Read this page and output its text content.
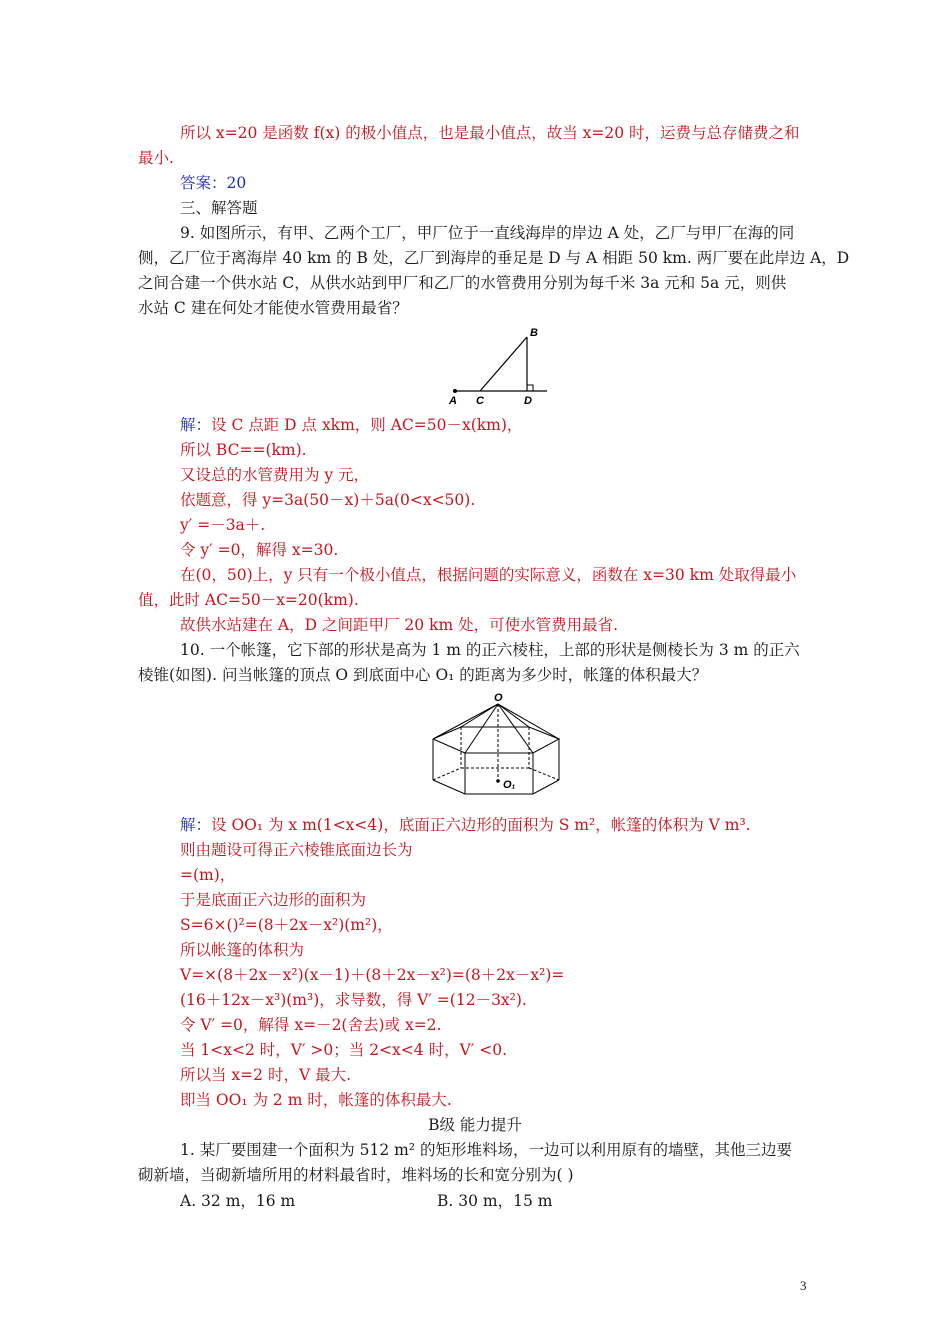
所以 x=20 是函数 f(x) 的极小值点，也是最小值点，故当 x=20 时，运费与总存储费之和
最小.
答案：20
三、解答题
9. 如图所示，有甲、乙两个工厂，甲厂位于一直线海岸的岸边 A 处，乙厂与甲厂在海的同
侧，乙厂位于离海岸 40 km 的 B 处，乙厂到海岸的垂足是 D 与 A 相距 50 km. 两厂要在此岸边 A，D
之间合建一个供水站 C，从供水站到甲厂和乙厂的水管费用分别为每千米 3a 元和 5a 元，则供
水站 C 建在何处才能使水管费用最省？
A C	D
B
解：设 C 点距 D 点 xkm，则 AC=50－x(km)，
所以 BC==(km).
又设总的水管费用为 y 元，
依题意，得 y=3a(50－x)＋5a(0<x<50).
y′ =－3a＋.
令 y′ =0，解得 x=30.
在(0，50)上，y 只有一个极小值点，根据问题的实际意义，函数在 x=30 km 处取得最小
值，此时 AC=50－x=20(km).
故供水站建在 A，D 之间距甲厂 20 km 处，可使水管费用最省.
10. 一个帐篷，它下部的形状是高为 1 m 的正六棱柱，上部的形状是侧棱长为 3 m 的正六
棱锥(如图). 问当帐篷的顶点 O 到底面中心 O₁ 的距离为多少时，帐篷的体积最大？
O
O₁
解：设 OO₁ 为 x m(1<x<4)，底面正六边形的面积为 S m²，帐篷的体积为 V m³.
则由题设可得正六棱锥底面边长为
=(m)，
于是底面正六边形的面积为
S=6×()²=(8＋2x－x²)(m²)，
所以帐篷的体积为
V=×(8＋2x－x²)(x－1)＋(8＋2x－x²)=(8＋2x－x²)=
(16＋12x－x³)(m³)，求导数，得 V′ =(12－3x²).
令 V′ =0，解得 x=－2(舍去)或 x=2.
当 1<x<2 时，V′ >0；当 2<x<4 时，V′ <0.
所以当 x=2 时，V 最大.
即当 OO₁ 为 2 m 时，帐篷的体积最大.
B级 能力提升
1. 某厂要围建一个面积为 512 m² 的矩形堆料场，一边可以利用原有的墙壁，其他三边要
砌新墙，当砌新墙所用的材料最省时，堆料场的长和宽分别为( )
A. 32 m，16 m	B. 30 m，15 m
3
